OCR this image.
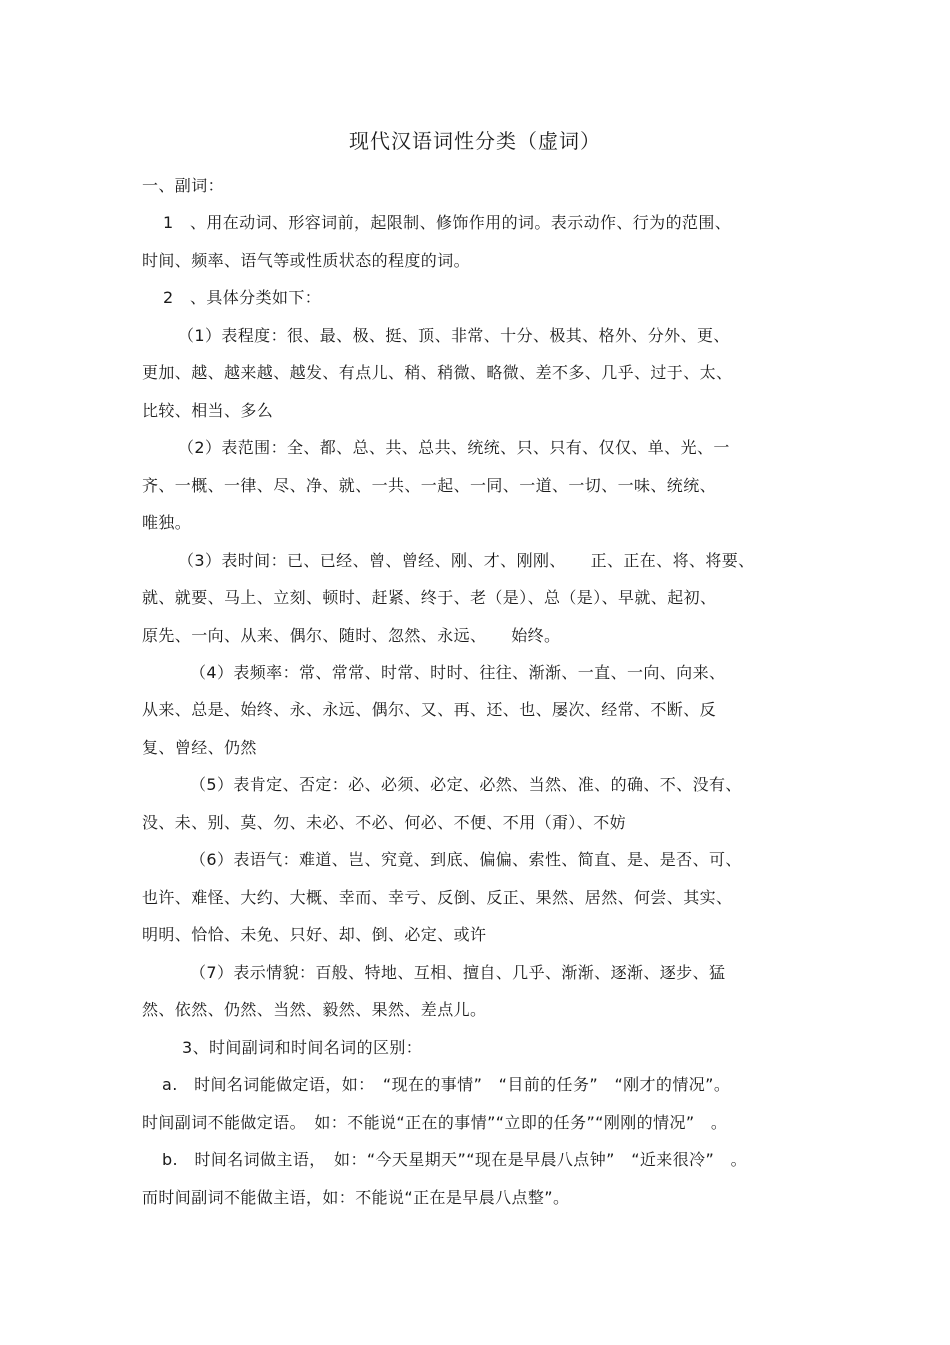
现代汉语词性分类（虚词）
一、副词：
1　、用在动词、形容词前，起限制、修饰作用的词。表示动作、行为的范围、
时间、频率、语气等或性质状态的程度的词。
2　、具体分类如下：
（1）表程度：很、最、极、挺、顶、非常、十分、极其、格外、分外、更、
更加、越、越来越、越发、有点儿、稍、稍微、略微、差不多、几乎、过于、太、
比较、相当、多么
（2）表范围：全、都、总、共、总共、统统、只、只有、仅仅、单、光、一
齐、一概、一律、尽、净、就、一共、一起、一同、一道、一切、一味、统统、
唯独。
（3）表时间：已、已经、曾、曾经、刚、才、刚刚、　　正、正在、将、将要、
就、就要、马上、立刻、顿时、赶紧、终于、老（是）、总（是）、早就、起初、
原先、一向、从来、偶尔、随时、忽然、永远、　　始终。
（4）表频率：常、常常、时常、时时、往往、渐渐、一直、一向、向来、
从来、总是、始终、永、永远、偶尔、又、再、还、也、屡次、经常、不断、反
复、曾经、仍然
（5）表肯定、否定：必、必须、必定、必然、当然、准、的确、不、没有、
没、未、别、莫、勿、未必、不必、何必、不便、不用（甭）、不妨
（6）表语气：难道、岂、究竟、到底、偏偏、索性、简直、是、是否、可、
也许、难怪、大约、大概、幸而、幸亏、反倒、反正、果然、居然、何尝、其实、
明明、恰恰、未免、只好、却、倒、必定、或许
（7）表示情貌：百般、特地、互相、擅自、几乎、渐渐、逐渐、逐步、猛
然、依然、仍然、当然、毅然、果然、差点儿。
3、时间副词和时间名词的区别：
a.　时间名词能做定语，如：　“现在的事情”　“目前的任务”　“刚才的情况”。
时间副词不能做定语。　如：不能说“正在的事情”“立即的任务”“刚刚的情况”　。
b.　时间名词做主语，　如：“今天星期天”“现在是早晨八点钟”　“近来很冷”　。
而时间副词不能做主语，如：不能说“正在是早晨八点整”。
